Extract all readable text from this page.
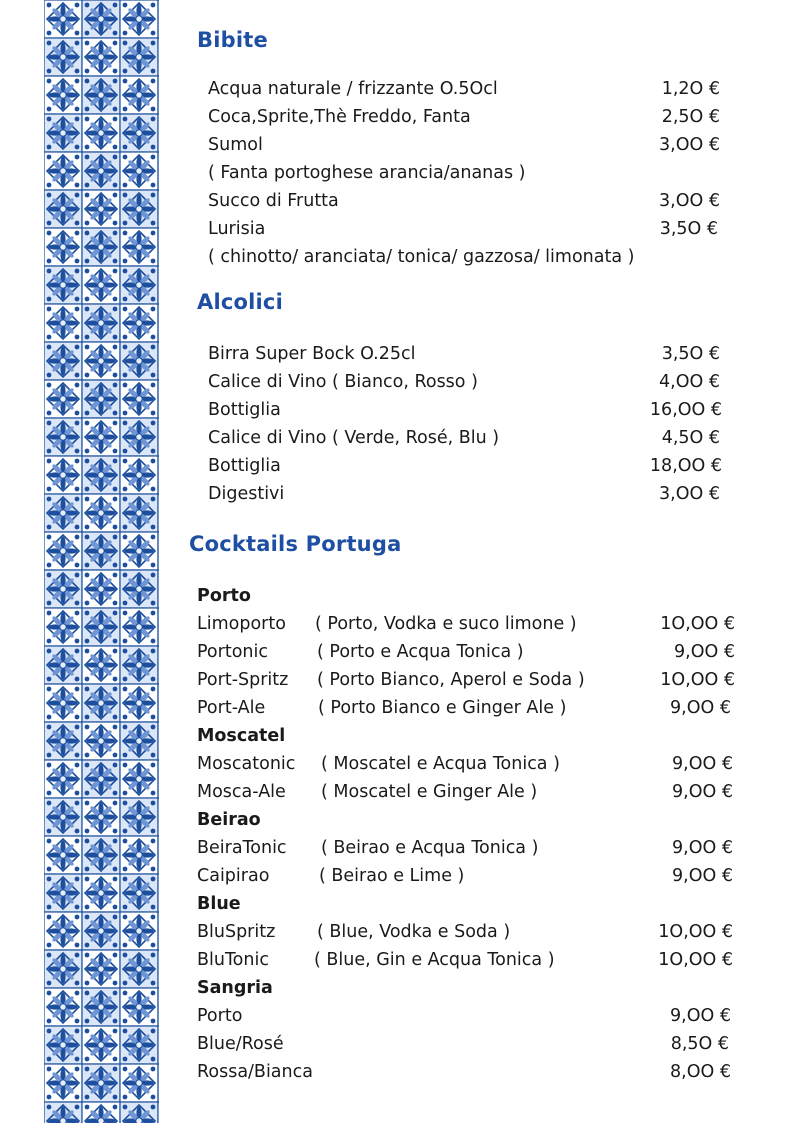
Bibite
Acqua naturale / frizzante O.5Ocl	1,2O €
Coca,Sprite,Thè Freddo, Fanta	2,5O €
Sumol	3,OO €
( Fanta portoghese arancia/ananas )
Succo di Frutta	3,OO €
Lurisia	3,5O €
( chinotto/ aranciata/ tonica/ gazzosa/ limonata )
Alcolici
Birra Super Bock O.25cl	3,5O €
Calice di Vino ( Bianco, Rosso )	4,OO €
Bottiglia	16,OO €
Calice di Vino ( Verde, Rosé, Blu )	4,5O €
Bottiglia	18,OO €
Digestivi	3,OO €
Cocktails Portuga
Porto
Limoporto ( Porto, Vodka e suco limone )	1O,OO €
Portonic	( Porto e Acqua Tonica )	9,OO €
Port-Spritz ( Porto Bianco, Aperol e Soda )	1O,OO €
Port-Ale	( Porto Bianco e Ginger Ale )	9,OO €
Moscatel
Moscatonic ( Moscatel e Acqua Tonica )	9,OO €
Mosca-Ale ( Moscatel e Ginger Ale )	9,OO €
Beirao
BeiraTonic ( Beirao e Acqua Tonica )	9,OO €
Caipirao	( Beirao e Lime )	9,OO €
Blue
BluSpritz ( Blue, Vodka e Soda )	1O,OO €
BluTonic	( Blue, Gin e Acqua Tonica )	1O,OO €
Sangria
Porto	9,OO €
Blue/Rosé	8,5O €
Rossa/Bianca	8,OO €
